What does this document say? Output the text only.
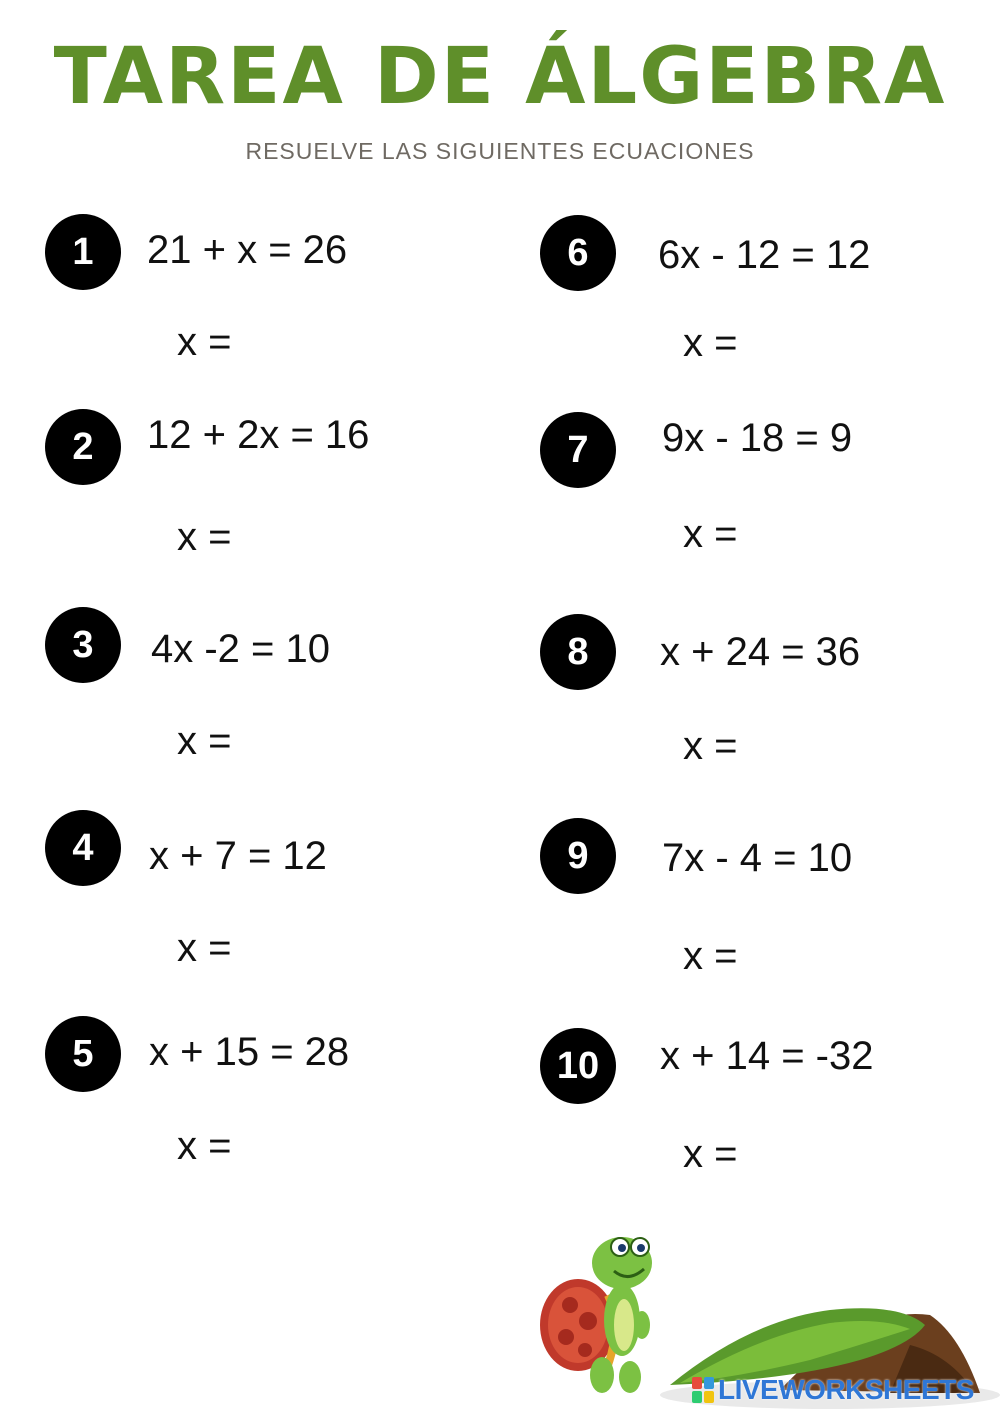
TAREA DE ÁLGEBRA
RESUELVE LAS SIGUIENTES ECUACIONES
1	21 + x = 26
x =
2	12 + 2x = 16
x =
3	4x -2 = 10
x =
4	x + 7 = 12
x =
5	x + 15 = 28
x =
6	6x - 12 = 12
x =
7	9x - 18 = 9
x =
8	x + 24 = 36
x =
9	7x - 4 = 10
x =
10	x + 14 = -32
x =
LIVEWORKSHEETS
